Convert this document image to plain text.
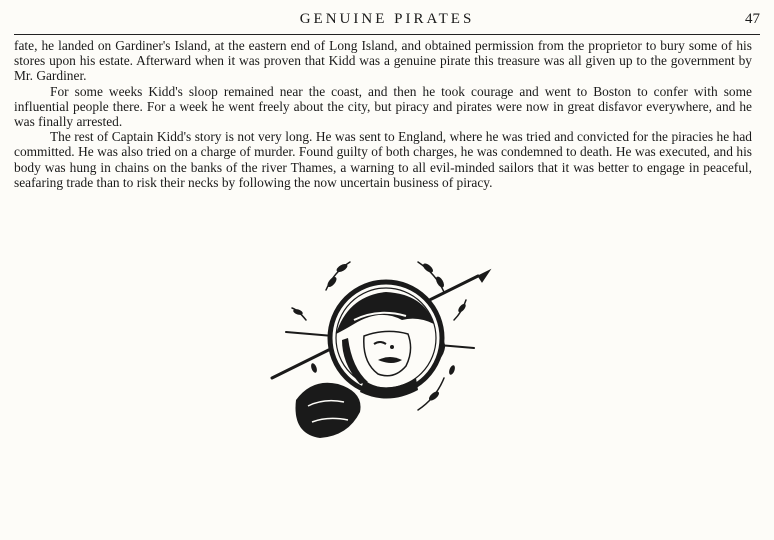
GENUINE PIRATES	47

fate, he landed on Gardiner's Island, at the eastern end of Long Island, and obtained permission from the proprietor to bury some of his stores upon his estate. Afterward when it was proven that Kidd was a genuine pirate this treasure was all given up to the government by Mr. Gardiner.

For some weeks Kidd's sloop remained near the coast, and then he took courage and went to Boston to confer with some influential people there. For a week he went freely about the city, but piracy and pirates were now in great disfavor everywhere, and he was finally arrested.

The rest of Captain Kidd's story is not very long. He was sent to England, where he was tried and convicted for the piracies he had committed. He was also tried on a charge of murder. Found guilty of both charges, he was condemned to death. He was executed, and his body was hung in chains on the banks of the river Thames, a warning to all evil-minded sailors that it was better to engage in peaceful, seafaring trade than to risk their necks by following the now uncertain business of piracy.
